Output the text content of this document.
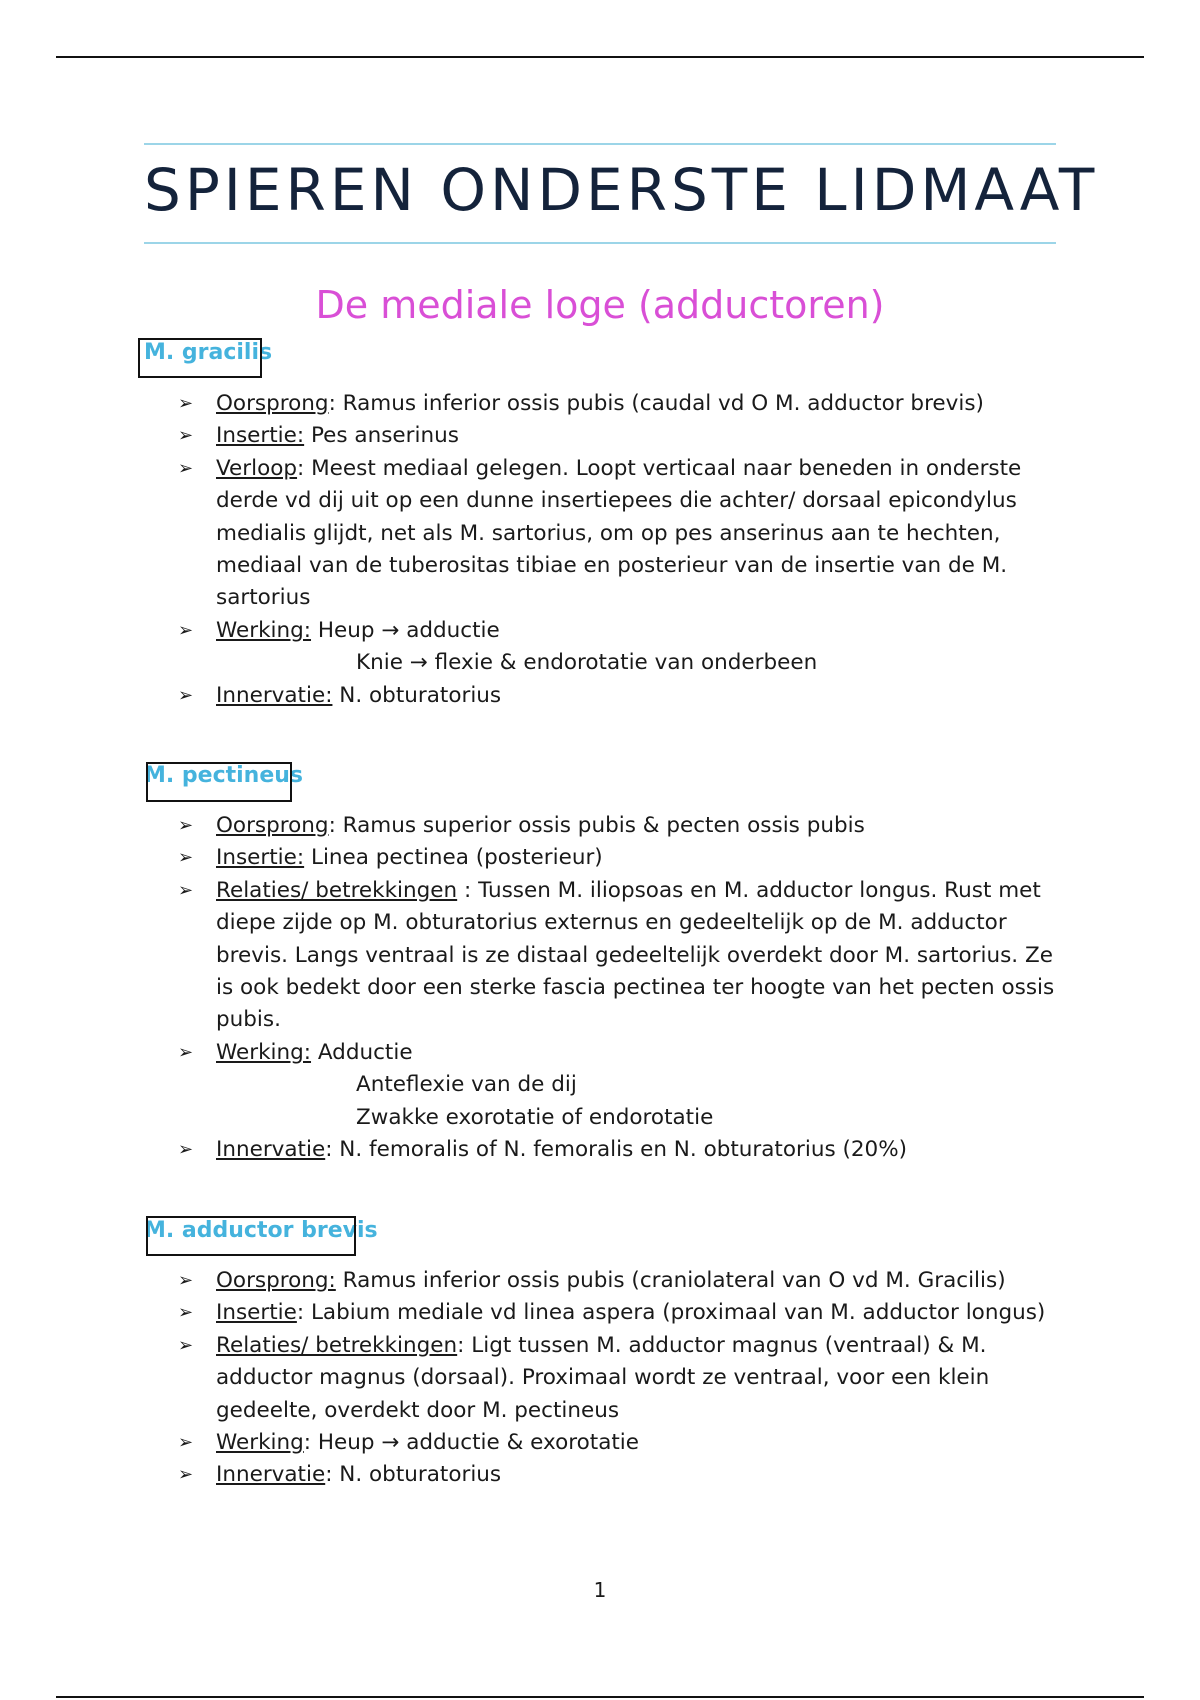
SPIEREN ONDERSTE LIDMAAT
De mediale loge (adductoren)
M. gracilis
➢ Oorsprong: Ramus inferior ossis pubis (caudal vd O M. adductor brevis)
➢ Insertie: Pes anserinus
➢ Verloop: Meest mediaal gelegen. Loopt verticaal naar beneden in onderste derde vd dij uit op een dunne insertiepees die achter/ dorsaal epicondylus medialis glijdt, net als M. sartorius, om op pes anserinus aan te hechten, mediaal van de tuberositas tibiae en posterieur van de insertie van de M. sartorius
➢ Werking: Heup → adductie
Knie → flexie & endorotatie van onderbeen
➢ Innervatie: N. obturatorius
M. pectineus
➢ Oorsprong: Ramus superior ossis pubis & pecten ossis pubis
➢ Insertie: Linea pectinea (posterieur)
➢ Relaties/ betrekkingen : Tussen M. iliopsoas en M. adductor longus. Rust met diepe zijde op M. obturatorius externus en gedeeltelijk op de M. adductor brevis. Langs ventraal is ze distaal gedeeltelijk overdekt door M. sartorius. Ze is ook bedekt door een sterke fascia pectinea ter hoogte van het pecten ossis pubis.
➢ Werking: Adductie
Anteflexie van de dij
Zwakke exorotatie of endorotatie
➢ Innervatie: N. femoralis of N. femoralis en N. obturatorius (20%)
M. adductor brevis
➢ Oorsprong: Ramus inferior ossis pubis (craniolateral van O vd M. Gracilis)
➢ Insertie: Labium mediale vd linea aspera (proximaal van M. adductor longus)
➢ Relaties/ betrekkingen: Ligt tussen M. adductor magnus (ventraal) & M. adductor magnus (dorsaal). Proximaal wordt ze ventraal, voor een klein gedeelte, overdekt door M. pectineus
➢ Werking: Heup → adductie & exorotatie
➢ Innervatie: N. obturatorius
1
